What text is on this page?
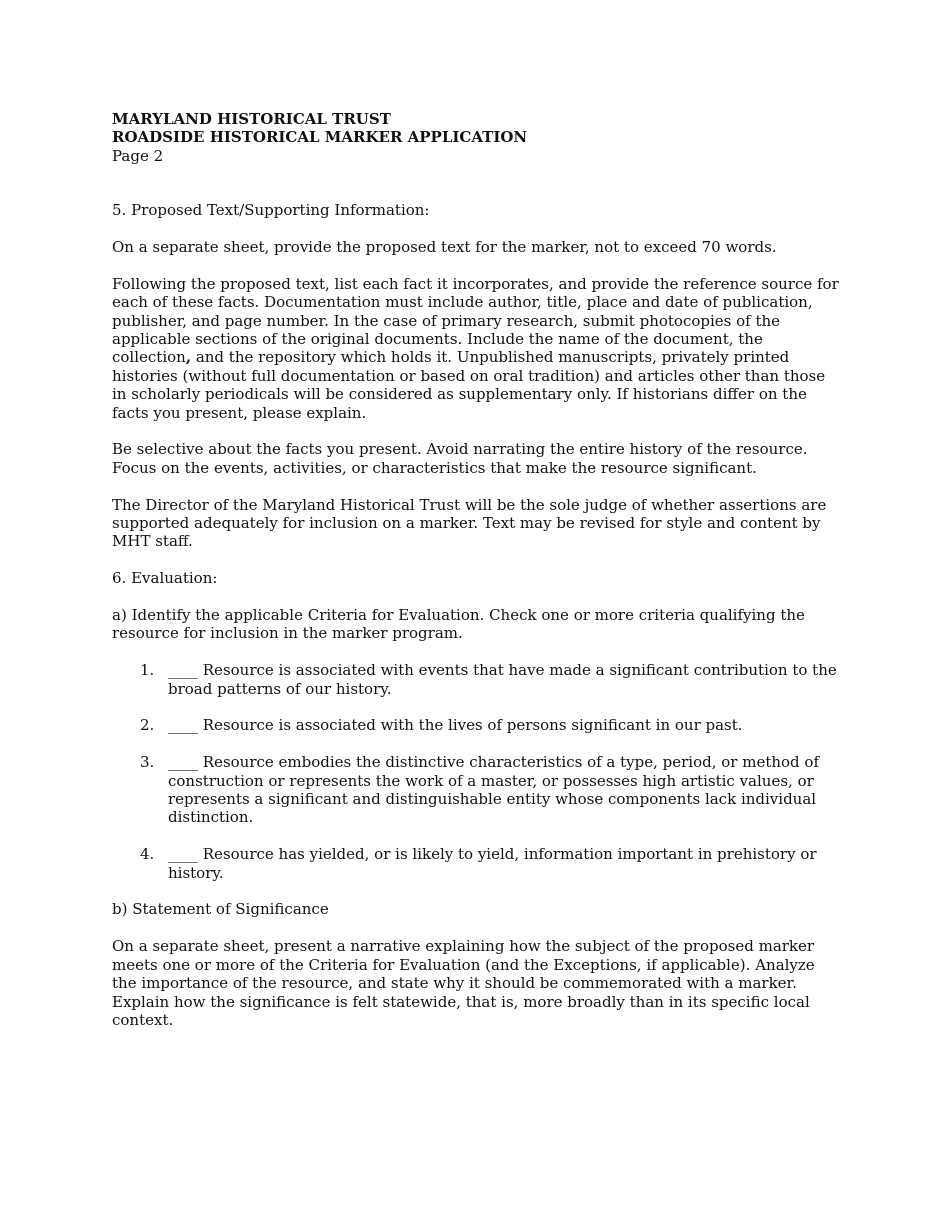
MARYLAND HISTORICAL TRUST
ROADSIDE HISTORICAL MARKER APPLICATION
Page 2

5. Proposed Text/Supporting Information:

On a separate sheet, provide the proposed text for the marker, not to exceed 70 words.

Following the proposed text, list each fact it incorporates, and provide the reference source for each of these facts. Documentation must include author, title, place and date of publication, publisher, and page number. In the case of primary research, submit photocopies of the applicable sections of the original documents. Include the name of the document, the collection, and the repository which holds it. Unpublished manuscripts, privately printed histories (without full documentation or based on oral tradition) and articles other than those in scholarly periodicals will be considered as supplementary only. If historians differ on the facts you present, please explain.

Be selective about the facts you present. Avoid narrating the entire history of the resource. Focus on the events, activities, or characteristics that make the resource significant.

The Director of the Maryland Historical Trust will be the sole judge of whether assertions are supported adequately for inclusion on a marker. Text may be revised for style and content by MHT staff.

6. Evaluation:

a) Identify the applicable Criteria for Evaluation. Check one or more criteria qualifying the resource for inclusion in the marker program.

1. ____ Resource is associated with events that have made a significant contribution to the broad patterns of our history.
2. ____ Resource is associated with the lives of persons significant in our past.
3. ____ Resource embodies the distinctive characteristics of a type, period, or method of construction or represents the work of a master, or possesses high artistic values, or represents a significant and distinguishable entity whose components lack individual distinction.
4. ____ Resource has yielded, or is likely to yield, information important in prehistory or history.

b) Statement of Significance

On a separate sheet, present a narrative explaining how the subject of the proposed marker meets one or more of the Criteria for Evaluation (and the Exceptions, if applicable). Analyze the importance of the resource, and state why it should be commemorated with a marker. Explain how the significance is felt statewide, that is, more broadly than in its specific local context.
